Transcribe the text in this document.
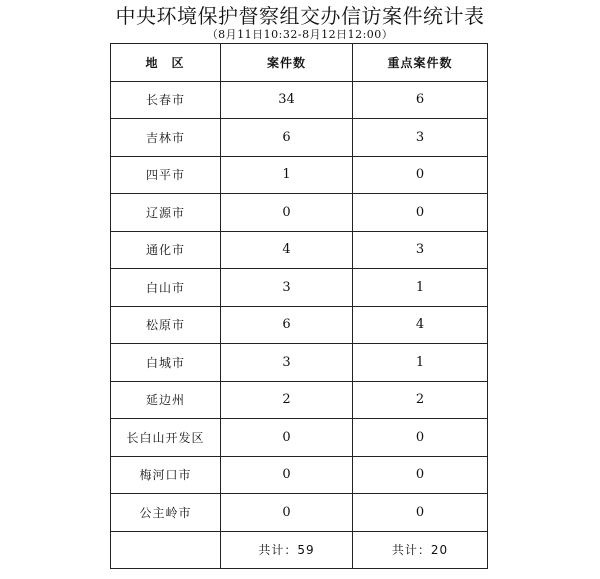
中央环境保护督察组交办信访案件统计表
（8月11日10:32-8月12日12:00）
地区	案件数	重点案件数
长春市	34	6
吉林市	6	3
四平市	1	0
辽源市	0	0
通化市	4	3
白山市	3	1
松原市	6	4
白城市	3	1
延边州	2	2
长白山开发区	0	0
梅河口市	0	0
公主岭市	0	0
	共计：59	共计：20
